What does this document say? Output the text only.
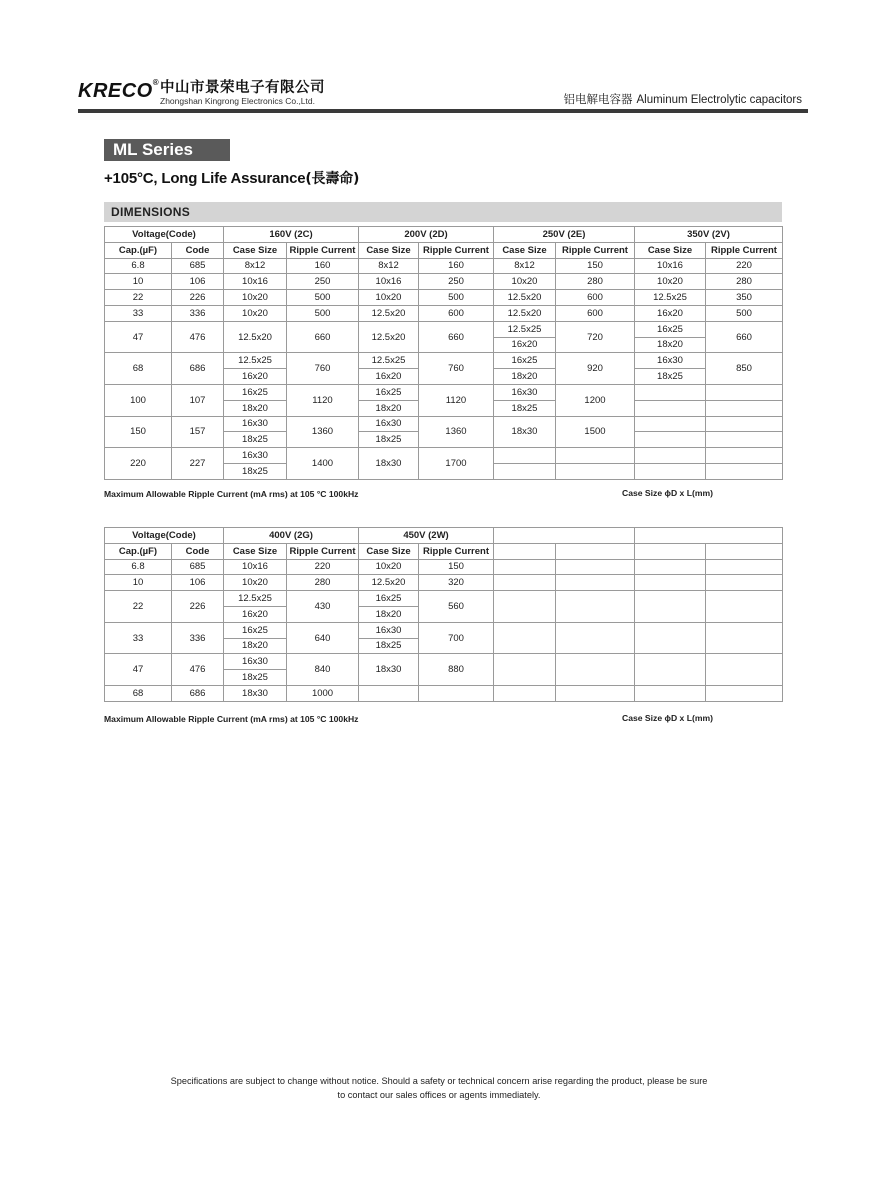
KRECO® 中山市景荣电子有限公司
Zhongshan Kingrong Electronics Co.,Ltd.	铝电解电容器 Aluminum Electrolytic capacitors
ML Series
+105°C, Long Life Assurance(長壽命)
DIMENSIONS
Voltage(Code)		160V (2C)		200V (2D)		250V (2E)		350V (2V)	
Cap.(µF)	Code	Case Size	Ripple Current	Case Size	Ripple Current	Case Size	Ripple Current	Case Size	Ripple Current
6.8	685	8x12	160	8x12	160	8x12	150	10x16	220
10	106	10x16	250	10x16	250	10x20	280	10x20	280
22	226	10x20	500	10x20	500	12.5x20	600	12.5x25	350
33	336	10x20	500	12.5x20	600	12.5x20	600	16x20	500
47	476	12.5x20	660	12.5x20	660	12.5x25	720	16x25	660
						16x20		18x20	
68	686	12.5x25	760	12.5x25	760	16x25	920	16x30	850
		16x20		16x20		18x20		18x25	
100	107	16x25	1120	16x25	1120	16x30	1200		
		18x20		18x20		18x25			
150	157	16x30	1360	16x30	1360	18x30	1500		
		18x25		18x25					
220	227	16x30	1400	18x30	1700				
		18x25							
Maximum Allowable Ripple Current (mA rms) at 105 °C 100kHz	Case Size ϕD x L(mm)
Voltage(Code)		400V (2G)		450V (2W)					
Cap.(µF)	Code	Case Size	Ripple Current	Case Size	Ripple Current				
6.8	685	10x16	220	10x20	150				
10	106	10x20	280	12.5x20	320				
22	226	12.5x25	430	16x25	560				
		16x20		18x20					
33	336	16x25	640	16x30	700				
		18x20		18x25					
47	476	16x30	840	18x30	880				
		18x25							
68	686	18x30	1000						
Maximum Allowable Ripple Current (mA rms) at 105 °C 100kHz	Case Size ϕD x L(mm)
Specifications are subject to change without notice. Should a safety or technical concern arise regarding the product, please be sure
to contact our sales offices or agents immediately.
